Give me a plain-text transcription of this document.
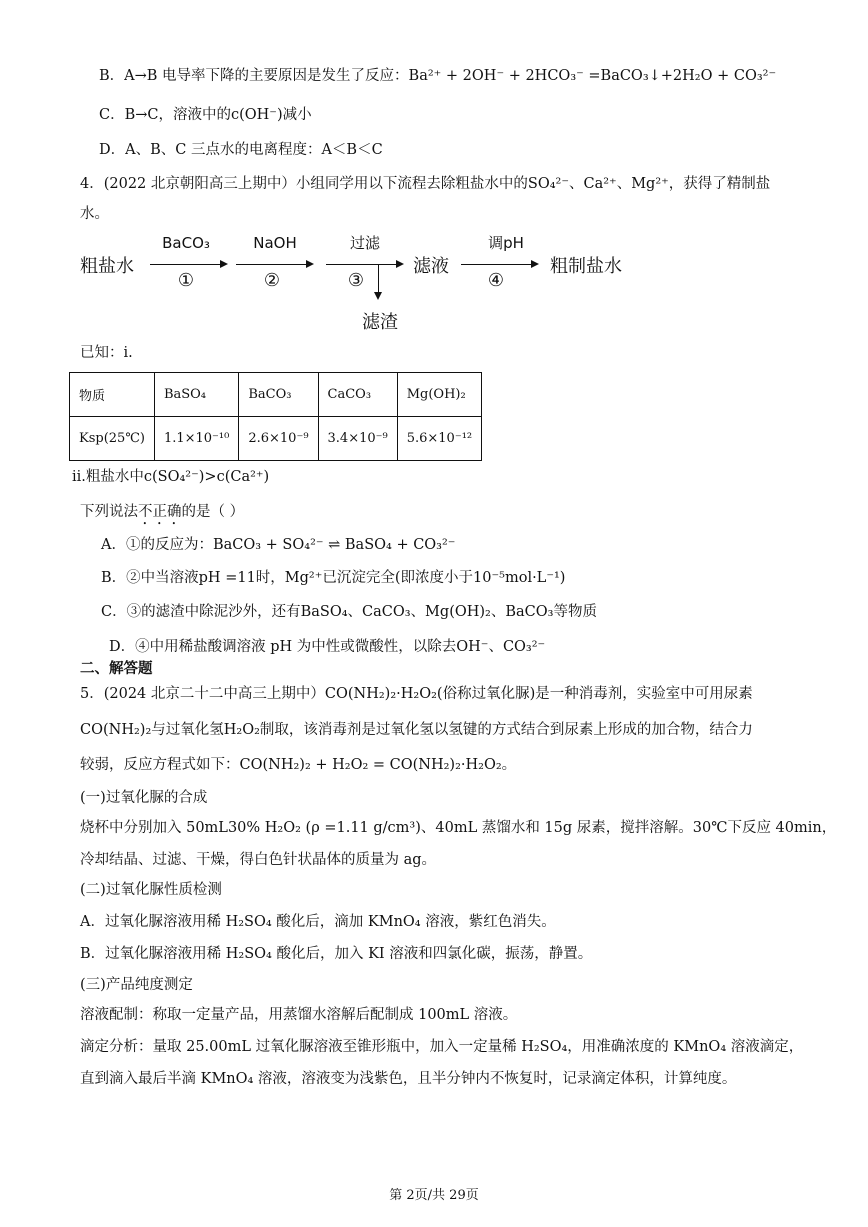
B．A→B 电导率下降的主要原因是发生了反应：Ba²⁺ + 2OH⁻ + 2HCO₃⁻ =BaCO₃↓+2H₂O + CO₃²⁻
C．B→C，溶液中的c(OH⁻)减小
D．A、B、C 三点水的电离程度：A＜B＜C
4．(2022 北京朝阳高三上期中）小组同学用以下流程去除粗盐水中的SO₄²⁻、Ca²⁺、Mg²⁺，获得了精制盐
水。
粗盐水
BaCO₃
①
NaOH
②
过滤
③
滤渣
滤液
调pH
④
粗制盐水
已知：i.
物质	BaSO₄	BaCO₃	CaCO₃	Mg(OH)₂
Ksp(25℃)	1.1×10⁻¹⁰	2.6×10⁻⁹	3.4×10⁻⁹	5.6×10⁻¹²
ii.粗盐水中c(SO₄²⁻)>c(Ca²⁺)
下列说法不正确的是（ ）
A．①的反应为：BaCO₃ + SO₄²⁻ ⇌ BaSO₄ + CO₃²⁻
B．②中当溶液pH =11时，Mg²⁺已沉淀完全(即浓度小于10⁻⁵mol·L⁻¹)
C．③的滤渣中除泥沙外，还有BaSO₄、CaCO₃、Mg(OH)₂、BaCO₃等物质
D．④中用稀盐酸调溶液 pH 为中性或微酸性，以除去OH⁻、CO₃²⁻
二、解答题
5．(2024 北京二十二中高三上期中）CO(NH₂)₂·H₂O₂(俗称过氧化脲)是一种消毒剂，实验室中可用尿素
CO(NH₂)₂与过氧化氢H₂O₂制取，该消毒剂是过氧化氢以氢键的方式结合到尿素上形成的加合物，结合力
较弱，反应方程式如下：CO(NH₂)₂ + H₂O₂ = CO(NH₂)₂·H₂O₂。
(一)过氧化脲的合成
烧杯中分别加入 50mL30% H₂O₂ (ρ =1.11 g/cm³)、40mL 蒸馏水和 15g 尿素，搅拌溶解。30℃下反应 40min，
冷却结晶、过滤、干燥，得白色针状晶体的质量为 ag。
(二)过氧化脲性质检测
A．过氧化脲溶液用稀 H₂SO₄ 酸化后，滴加 KMnO₄ 溶液，紫红色消失。
B．过氧化脲溶液用稀 H₂SO₄ 酸化后，加入 KI 溶液和四氯化碳，振荡，静置。
(三)产品纯度测定
溶液配制：称取一定量产品，用蒸馏水溶解后配制成 100mL 溶液。
滴定分析：量取 25.00mL 过氧化脲溶液至锥形瓶中，加入一定量稀 H₂SO₄，用准确浓度的 KMnO₄ 溶液滴定，
直到滴入最后半滴 KMnO₄ 溶液，溶液变为浅紫色，且半分钟内不恢复时，记录滴定体积，计算纯度。
第 2页/共 29页
